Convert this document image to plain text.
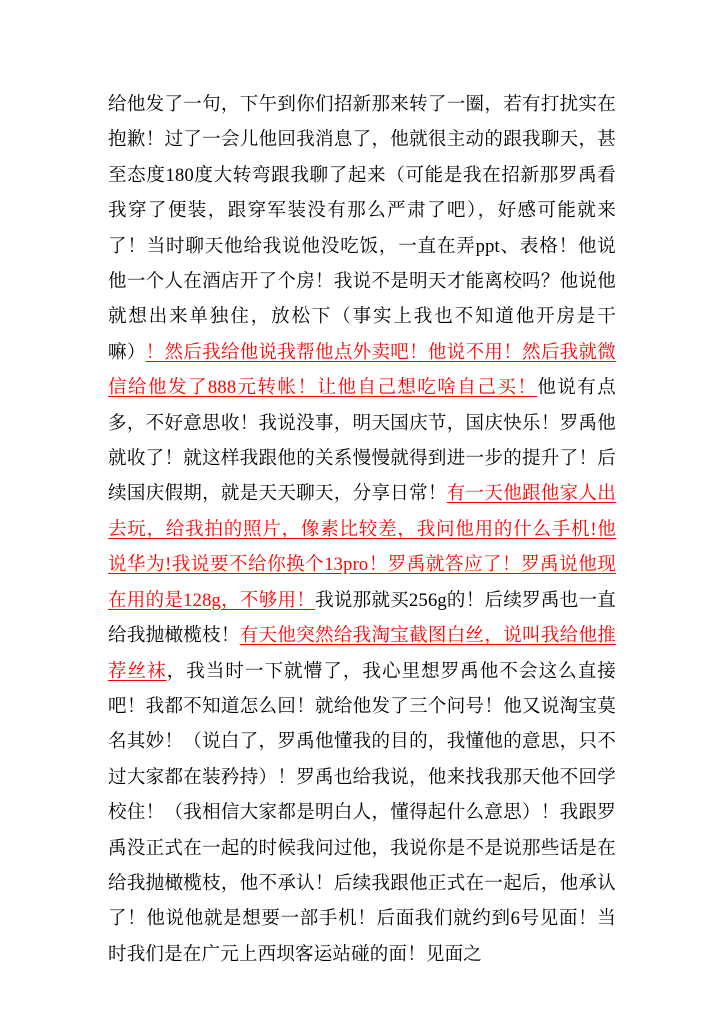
给他发了一句，下午到你们招新那来转了一圈，若有打扰实在抱歉！过了一会儿他回我消息了，他就很主动的跟我聊天，甚至态度180度大转弯跟我聊了起来（可能是我在招新那罗禹看我穿了便装，跟穿军装没有那么严肃了吧），好感可能就来了！当时聊天他给我说他没吃饭，一直在弄ppt、表格！他说他一个人在酒店开了个房！我说不是明天才能离校吗？他说他就想出来单独住，放松下（事实上我也不知道他开房是干嘛）！然后我给他说我帮他点外卖吧！他说不用！然后我就微信给他发了888元转帐！让他自己想吃啥自己买！他说有点多，不好意思收！我说没事，明天国庆节，国庆快乐！罗禹他就收了！就这样我跟他的关系慢慢就得到进一步的提升了！后续国庆假期，就是天天聊天，分享日常！有一天他跟他家人出去玩，给我拍的照片，像素比较差，我问他用的什么手机!他说华为!我说要不给你换个13pro！罗禹就答应了！罗禹说他现在用的是128g，不够用！我说那就买256g的！后续罗禹也一直给我抛橄榄枝！有天他突然给我淘宝截图白丝，说叫我给他推荐丝袜，我当时一下就懵了，我心里想罗禹他不会这么直接吧！我都不知道怎么回！就给他发了三个问号！他又说淘宝莫名其妙！（说白了，罗禹他懂我的目的，我懂他的意思，只不过大家都在装矜持）！罗禹也给我说，他来找我那天他不回学校住！（我相信大家都是明白人，懂得起什么意思）！我跟罗禹没正式在一起的时候我问过他，我说你是不是说那些话是在给我抛橄榄枝，他不承认！后续我跟他正式在一起后，他承认了！他说他就是想要一部手机！后面我们就约到6号见面！当时我们是在广元上西坝客运站碰的面！见面之
